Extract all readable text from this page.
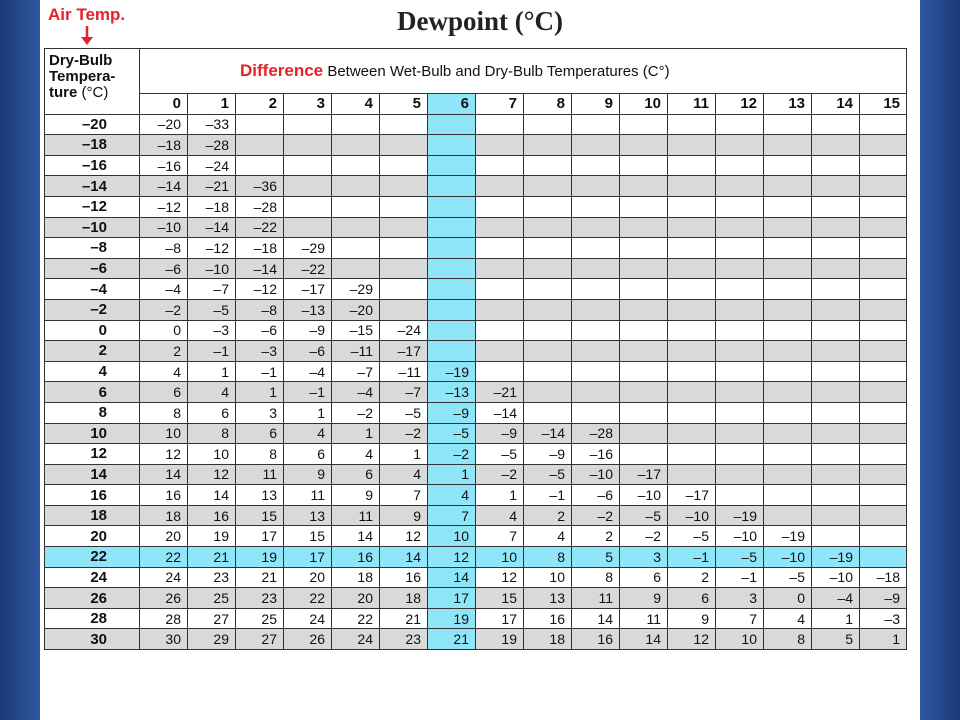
Air Temp.	Dewpoint (°C)
Dry-Bulb
Tempera-
ture (°C)	Difference Between Wet-Bulb and Dry-Bulb Temperatures (C°)															
	0	1	2	3	4	5	6	7	8	9	10	11	12	13	14	15
–20	–20	–33														
–18	–18	–28														
–16	–16	–24														
–14	–14	–21	–36													
–12	–12	–18	–28													
–10	–10	–14	–22													
–8	–8	–12	–18	–29												
–6	–6	–10	–14	–22												
–4	–4	–7	–12	–17	–29											
–2	–2	–5	–8	–13	–20											
0	0	–3	–6	–9	–15	–24										
2	2	–1	–3	–6	–11	–17										
4	4	1	–1	–4	–7	–11	–19									
6	6	4	1	–1	–4	–7	–13	–21								
8	8	6	3	1	–2	–5	–9	–14								
10	10	8	6	4	1	–2	–5	–9	–14	–28						
12	12	10	8	6	4	1	–2	–5	–9	–16						
14	14	12	11	9	6	4	1	–2	–5	–10	–17					
16	16	14	13	11	9	7	4	1	–1	–6	–10	–17				
18	18	16	15	13	11	9	7	4	2	–2	–5	–10	–19			
20	20	19	17	15	14	12	10	7	4	2	–2	–5	–10	–19		
22	22	21	19	17	16	14	12	10	8	5	3	–1	–5	–10	–19	
24	24	23	21	20	18	16	14	12	10	8	6	2	–1	–5	–10	–18
26	26	25	23	22	20	18	17	15	13	11	9	6	3	0	–4	–9
28	28	27	25	24	22	21	19	17	16	14	11	9	7	4	1	–3
30	30	29	27	26	24	23	21	19	18	16	14	12	10	8	5	1
